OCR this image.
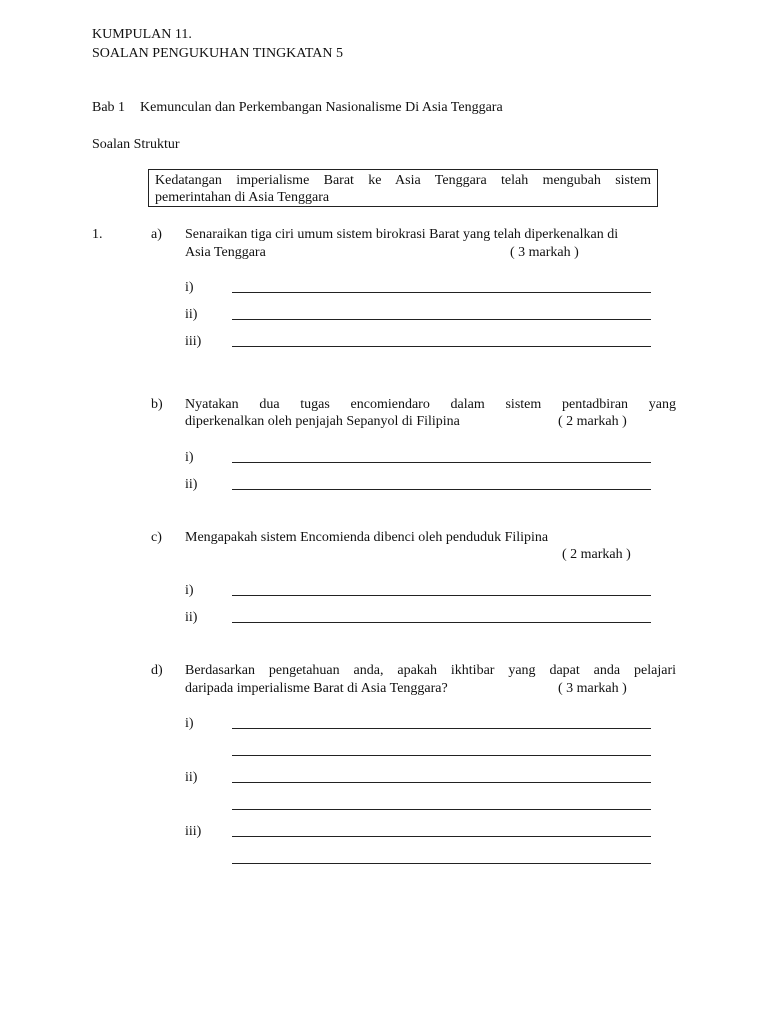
KUMPULAN 11.
SOALAN PENGUKUHAN TINGKATAN 5
Bab 1 Kemunculan dan Perkembangan Nasionalisme Di Asia Tenggara
Soalan Struktur
Kedatangan imperialisme Barat ke Asia Tenggara telah mengubah sistem
pemerintahan di Asia Tenggara
1.	a) Senaraikan tiga ciri umum sistem birokrasi Barat yang telah diperkenalkan di
Asia Tenggara	( 3 markah )
i)
ii)
iii)
b) Nyatakan dua tugas encomiendaro dalam sistem pentadbiran yang
diperkenalkan oleh penjajah Sepanyol di Filipina	( 2 markah )
i)
ii)
c) Mengapakah sistem Encomienda dibenci oleh penduduk Filipina
( 2 markah )
i)
ii)
d) Berdasarkan pengetahuan anda, apakah ikhtibar yang dapat anda pelajari
daripada imperialisme Barat di Asia Tenggara?	( 3 markah )
i)
ii)
iii)
